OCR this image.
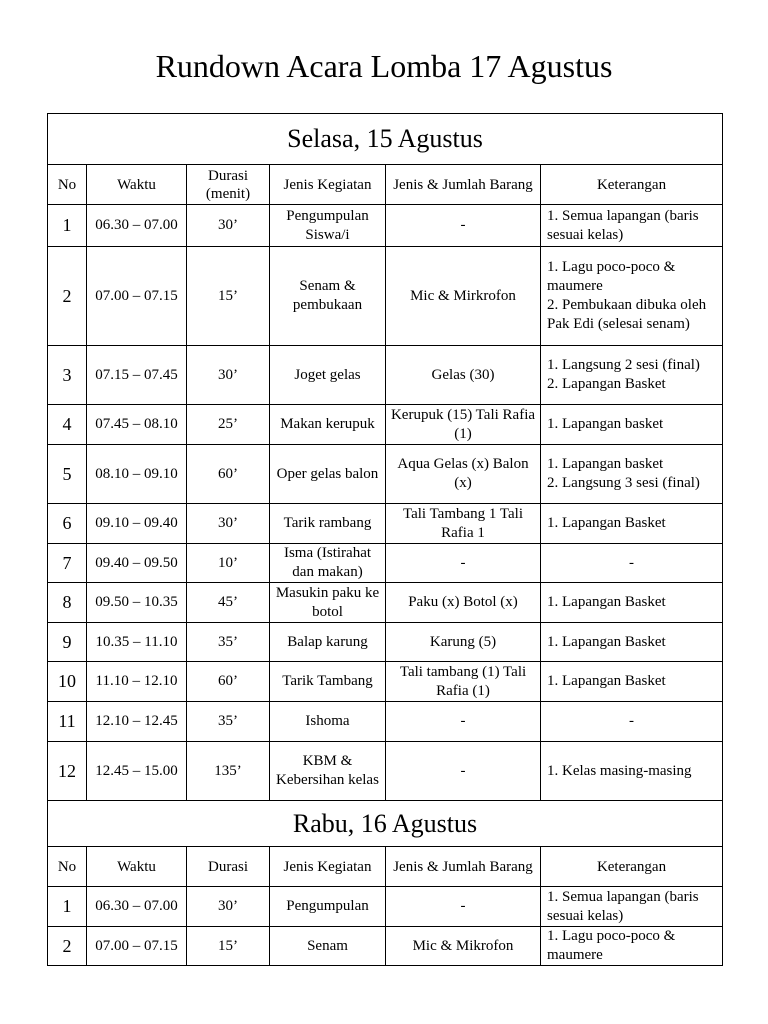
Rundown Acara Lomba 17 Agustus
Selasa, 15 Agustus					
No	Waktu	Durasi (menit)	Jenis Kegiatan	Jenis & Jumlah Barang	Keterangan
1	06.30 – 07.00	30’	Pengumpulan Siswa/i	-	1. Semua lapangan (baris sesuai kelas)

2	07.00 – 07.15	15’	Senam & pembukaan	Mic & Mirkrofon	1. Lagu poco-poco & maumere
2. Pembukaan dibuka oleh Pak Edi (selesai senam)

3	07.15 – 07.45	30’	Joget gelas	Gelas (30)	1. Langsung 2 sesi (final)
2. Lapangan Basket

4	07.45 – 08.10	25’	Makan kerupuk	Kerupuk (15) Tali Rafia (1)	1. Lapangan basket

5	08.10 – 09.10	60’	Oper gelas balon	Aqua Gelas (x) Balon (x)	1. Lapangan basket
2. Langsung 3 sesi (final)

6	09.10 – 09.40	30’	Tarik rambang	Tali Tambang 1 Tali Rafia 1	1. Lapangan Basket

7	09.40 – 09.50	10’	Isma (Istirahat dan makan)	-	-

8	09.50 – 10.35	45’	Masukin paku ke botol	Paku (x) Botol (x)	1. Lapangan Basket

9	10.35 – 11.10	35’	Balap karung	Karung (5)	1. Lapangan Basket

10	11.10 – 12.10	60’	Tarik Tambang	Tali tambang (1) Tali Rafia (1)	1. Lapangan Basket

11	12.10 – 12.45	35’	Ishoma	-	-

12	12.45 – 15.00	135’	KBM & Kebersihan kelas	-	1. Kelas masing-masing

Rabu, 16 Agustus					
No	Waktu	Durasi	Jenis Kegiatan	Jenis & Jumlah Barang	Keterangan
1	06.30 – 07.00	30’	Pengumpulan	-	1. Semua lapangan (baris sesuai kelas)

2	07.00 – 07.15	15’	Senam	Mic & Mikrofon	1. Lagu poco-poco & maumere
